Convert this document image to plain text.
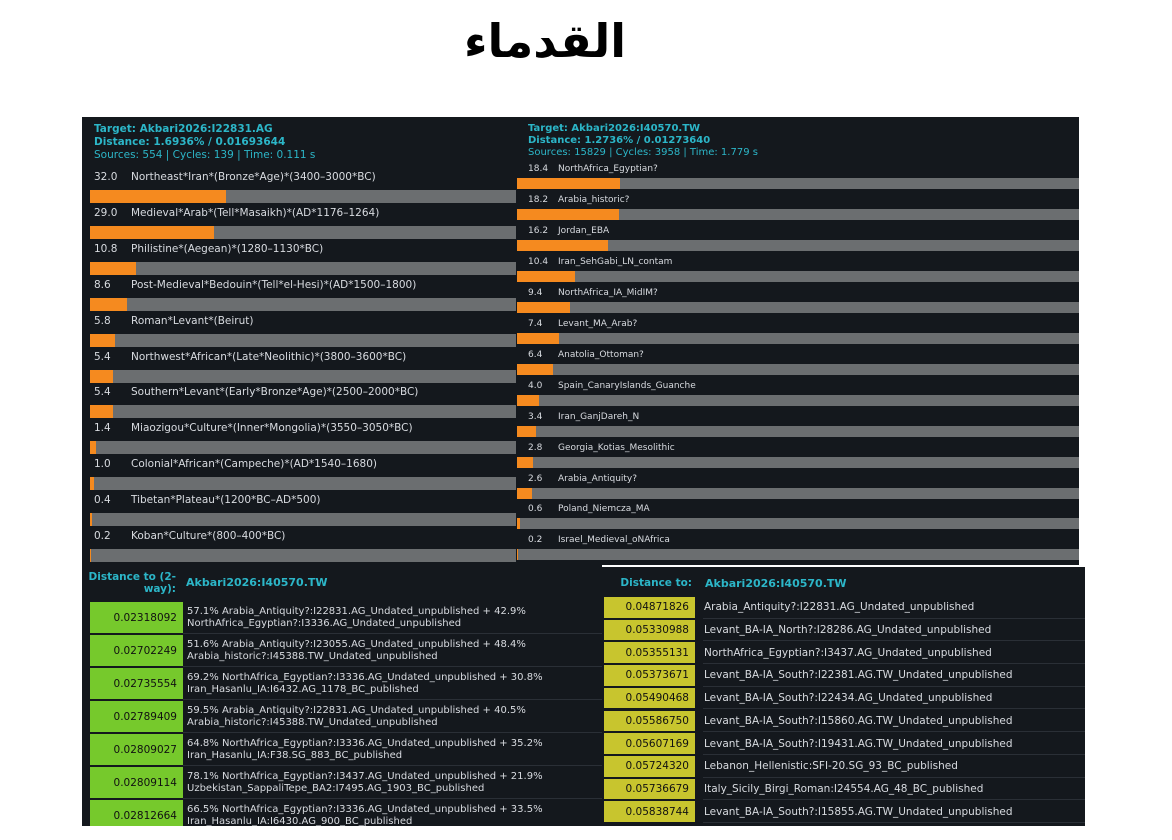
القدماء
Target: Akbari2026:I22831.AG
Distance: 1.6936% / 0.01693644
Sources: 554 | Cycles: 139 | Time: 0.111 s
32.0 Northeast*Iran*(Bronze*Age)*(3400–3000*BC)
29.0 Medieval*Arab*(Tell*Masaikh)*(AD*1176–1264)
10.8 Philistine*(Aegean)*(1280–1130*BC)
8.6 Post-Medieval*Bedouin*(Tell*el-Hesi)*(AD*1500–1800)
5.8 Roman*Levant*(Beirut)
5.4 Northwest*African*(Late*Neolithic)*(3800–3600*BC)
5.4 Southern*Levant*(Early*Bronze*Age)*(2500–2000*BC)
1.4 Miaozigou*Culture*(Inner*Mongolia)*(3550–3050*BC)
1.0 Colonial*African*(Campeche)*(AD*1540–1680)
0.4 Tibetan*Plateau*(1200*BC–AD*500)
0.2 Koban*Culture*(800–400*BC)
Target: Akbari2026:I40570.TW
Distance: 1.2736% / 0.01273640
Sources: 15829 | Cycles: 3958 | Time: 1.779 s
18.4 NorthAfrica_Egyptian?
18.2 Arabia_historic?
16.2 Jordan_EBA
10.4 Iran_SehGabi_LN_contam
9.4 NorthAfrica_IA_MidIM?
7.4 Levant_MA_Arab?
6.4 Anatolia_Ottoman?
4.0 Spain_CanaryIslands_Guanche
3.4 Iran_GanjDareh_N
2.8 Georgia_Kotias_Mesolithic
2.6 Arabia_Antiquity?
0.6 Poland_Niemcza_MA
0.2 Israel_Medieval_oNAfrica
Distance to (2-way): Akbari2026:I40570.TW
0.02318092
57.1% Arabia_Antiquity?:I22831.AG_Undated_unpublished + 42.9% NorthAfrica_Egyptian?:I3336.AG_Undated_unpublished
0.02702249
51.6% Arabia_Antiquity?:I23055.AG_Undated_unpublished + 48.4% Arabia_historic?:I45388.TW_Undated_unpublished
0.02735554
69.2% NorthAfrica_Egyptian?:I3336.AG_Undated_unpublished + 30.8% Iran_Hasanlu_IA:I6432.AG_1178_BC_published
0.02789409
59.5% Arabia_Antiquity?:I22831.AG_Undated_unpublished + 40.5% Arabia_historic?:I45388.TW_Undated_unpublished
0.02809027
64.8% NorthAfrica_Egyptian?:I3336.AG_Undated_unpublished + 35.2% Iran_Hasanlu_IA:F38.SG_883_BC_published
0.02809114
78.1% NorthAfrica_Egyptian?:I3437.AG_Undated_unpublished + 21.9% Uzbekistan_SappaliTepe_BA2:I7495.AG_1903_BC_published
0.02812664
66.5% NorthAfrica_Egyptian?:I3336.AG_Undated_unpublished + 33.5% Iran_Hasanlu_IA:I6430.AG_900_BC_published
Distance to: Akbari2026:I40570.TW
0.04871826	Arabia_Antiquity?:I22831.AG_Undated_unpublished
0.05330988	Levant_BA-IA_North?:I28286.AG_Undated_unpublished
0.05355131	NorthAfrica_Egyptian?:I3437.AG_Undated_unpublished
0.05373671	Levant_BA-IA_South?:I22381.AG.TW_Undated_unpublished
0.05490468	Levant_BA-IA_South?:I22434.AG_Undated_unpublished
0.05586750	Levant_BA-IA_South?:I15860.AG.TW_Undated_unpublished
0.05607169	Levant_BA-IA_South?:I19431.AG.TW_Undated_unpublished
0.05724320	Lebanon_Hellenistic:SFI-20.SG_93_BC_published
0.05736679	Italy_Sicily_Birgi_Roman:I24554.AG_48_BC_published
0.05838744	Levant_BA-IA_South?:I15855.AG.TW_Undated_unpublished
